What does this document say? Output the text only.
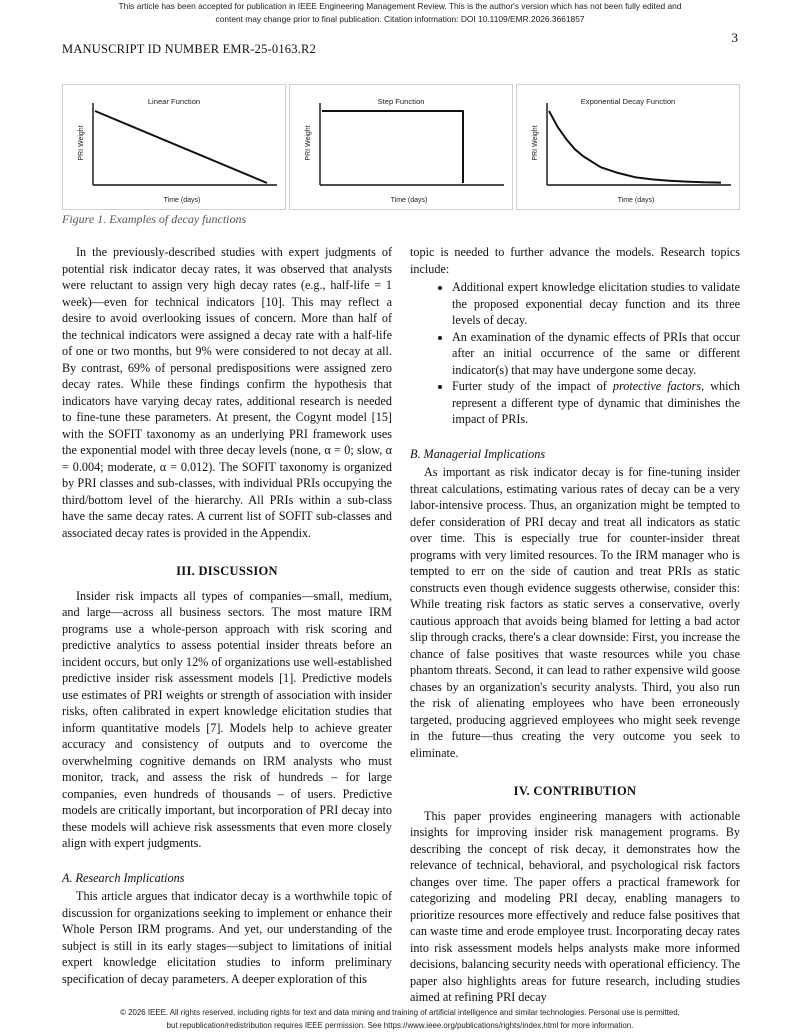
This article has been accepted for publication in IEEE Engineering Management Review. This is the author's version which has not been fully edited and
content may change prior to final publication. Citation information: DOI 10.1109/EMR.2026.3661857
3
MANUSCRIPT ID NUMBER EMR-25-0163.R2
Linear Function
Time (days)
PRI Weight
Step Function
Time (days)
PRI Weight
Exponential Decay Function
Time (days)
PRI Weight
Figure 1. Examples of decay functions

In the previously-described studies with expert judgments of potential risk indicator decay rates, it was observed that analysts were reluctant to assign very high decay rates (e.g., half-life = 1 week)—even for technical indicators [10]. This may reflect a desire to avoid overlooking issues of concern. More than half of the technical indicators were assigned a decay rate with a half-life of one or two months, but 9% were considered to not decay at all. By contrast, 69% of personal predispositions were assigned zero decay rates. While these findings confirm the hypothesis that indicators have varying decay rates, additional research is needed to fine-tune these parameters. At present, the Cogynt model [15] with the SOFIT taxonomy as an underlying PRI framework uses the exponential model with three decay levels (none, α = 0; slow, α = 0.004; moderate, α = 0.012). The SOFIT taxonomy is organized by PRI classes and sub-classes, with individual PRIs occupying the third/bottom level of the hierarchy. All PRIs within a sub-class have the same decay rates. A current list of SOFIT sub-classes and associated decay rates is provided in the Appendix.

III. DISCUSSION

Insider risk impacts all types of companies—small, medium, and large—across all business sectors. The most mature IRM programs use a whole-person approach with risk scoring and predictive analytics to assess potential insider threats before an incident occurs, but only 12% of organizations use well-established predictive insider risk assessment models [1]. Predictive models use estimates of PRI weights or strength of association with insider risks, often calibrated in expert knowledge elicitation studies that inform quantitative models [7]. Models help to achieve greater accuracy and consistency of outputs and to overcome the overwhelming cognitive demands on IRM analysts who must monitor, track, and assess the risk of hundreds – for large companies, even hundreds of thousands – of users. Predictive models are critically important, but incorporation of PRI decay into these models will achieve risk assessments that even more closely align with expert judgments.

A. Research Implications

This article argues that indicator decay is a worthwhile topic of discussion for organizations seeking to implement or enhance their Whole Person IRM programs. And yet, our understanding of the subject is still in its early stages—subject to limitations of initial expert knowledge elicitation studies to inform preliminary specification of decay parameters. A deeper exploration of this

topic is needed to further advance the models. Research topics include:

• Additional expert knowledge elicitation studies to validate the proposed exponential decay function and its three levels of decay.
• An examination of the dynamic effects of PRIs that occur after an initial occurrence of the same or different indicator(s) that may have undergone some decay.
• Furter study of the impact of protective factors, which represent a different type of dynamic that diminishes the impact of PRIs.
B. Managerial Implications

As important as risk indicator decay is for fine-tuning insider threat calculations, estimating various rates of decay can be a very labor-intensive process. Thus, an organization might be tempted to defer consideration of PRI decay and treat all indicators as static over time. This is especially true for counter-insider threat programs with very limited resources. To the IRM manager who is tempted to err on the side of caution and treat PRIs as static constructs even though evidence suggests otherwise, consider this: While treating risk factors as static serves a conservative, overly cautious approach that avoids being blamed for letting a bad actor slip through cracks, there's a clear downside: First, you increase the chance of false positives that waste resources while you chase phantom threats. Second, it can lead to rather expensive wild goose chases by an organization's security analysts. Third, you also run the risk of alienating employees who have been erroneously targeted, producing aggrieved employees who might seek revenge in the future—thus creating the very outcome you seek to eliminate.

IV. CONTRIBUTION

This paper provides engineering managers with actionable insights for improving insider risk management programs. By describing the concept of risk decay, it demonstrates how the relevance of technical, behavioral, and psychological risk factors changes over time. The paper offers a practical framework for categorizing and modeling PRI decay, enabling managers to prioritize resources more effectively and reduce false positives that can waste time and erode employee trust. Incorporating decay rates into risk assessment models helps analysts make more informed decisions, balancing security needs with operational efficiency. The paper also highlights areas for future research, including studies aimed at refining PRI decay

© 2026 IEEE. All rights reserved, including rights for text and data mining and training of artificial intelligence and similar technologies. Personal use is permitted,
but republication/redistribution requires IEEE permission. See https://www.ieee.org/publications/rights/index.html for more information.
